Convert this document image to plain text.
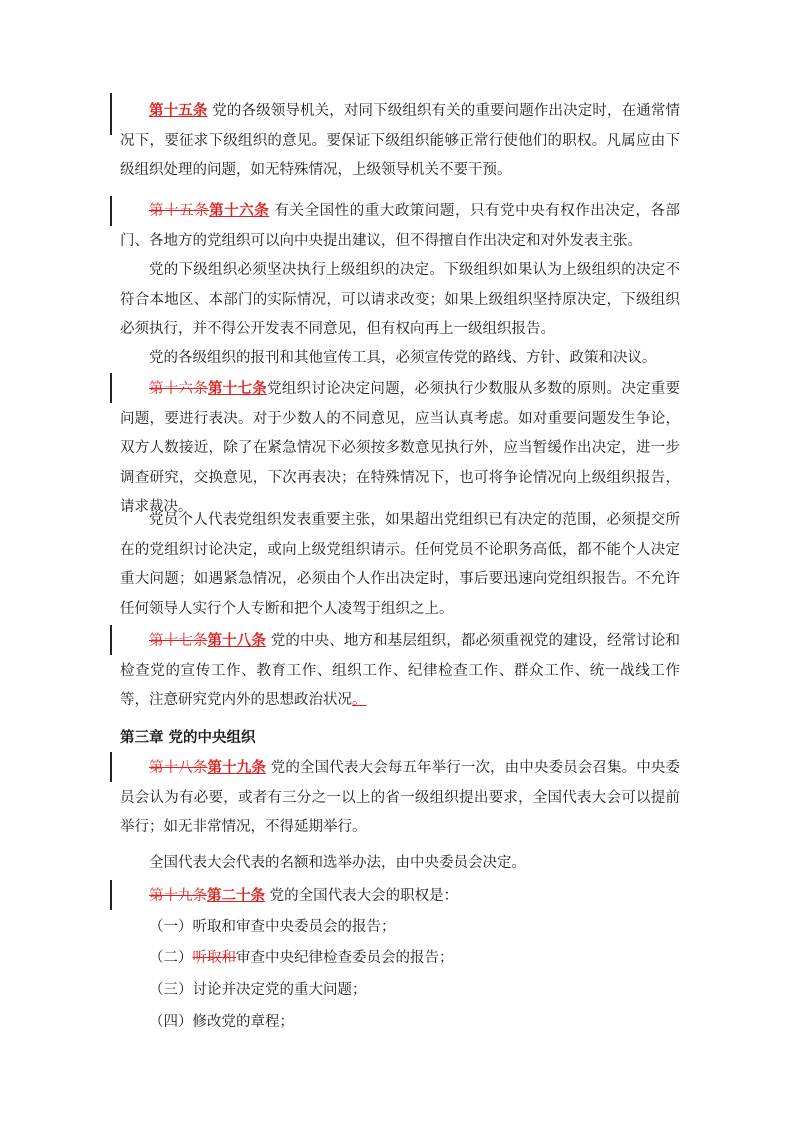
第十五条 党的各级领导机关，对同下级组织有关的重要问题作出决定时，在通常情况下，要征求下级组织的意见。要保证下级组织能够正常行使他们的职权。凡属应由下级组织处理的问题，如无特殊情况，上级领导机关不要干预。

第十五条第十六条 有关全国性的重大政策问题，只有党中央有权作出决定，各部门、各地方的党组织可以向中央提出建议，但不得擅自作出决定和对外发表主张。

党的下级组织必须坚决执行上级组织的决定。下级组织如果认为上级组织的决定不符合本地区、本部门的实际情况，可以请求改变；如果上级组织坚持原决定，下级组织必须执行，并不得公开发表不同意见，但有权向再上一级组织报告。

党的各级组织的报刊和其他宣传工具，必须宣传党的路线、方针、政策和决议。

第十六条第十七条党组织讨论决定问题，必须执行少数服从多数的原则。决定重要问题，要进行表决。对于少数人的不同意见，应当认真考虑。如对重要问题发生争论，双方人数接近，除了在紧急情况下必须按多数意见执行外，应当暂缓作出决定，进一步调查研究，交换意见，下次再表决；在特殊情况下，也可将争论情况向上级组织报告，请求裁决。

党员个人代表党组织发表重要主张，如果超出党组织已有决定的范围，必须提交所在的党组织讨论决定，或向上级党组织请示。任何党员不论职务高低，都不能个人决定重大问题；如遇紧急情况，必须由个人作出决定时，事后要迅速向党组织报告。不允许任何领导人实行个人专断和把个人凌驾于组织之上。

第十七条第十八条 党的中央、地方和基层组织，都必须重视党的建设，经常讨论和检查党的宣传工作、教育工作、组织工作、纪律检查工作、群众工作、统一战线工作等，注意研究党内外的思想政治状况。

第三章 党的中央组织

第十八条第十九条 党的全国代表大会每五年举行一次，由中央委员会召集。中央委员会认为有必要，或者有三分之一以上的省一级组织提出要求，全国代表大会可以提前举行；如无非常情况，不得延期举行。

全国代表大会代表的名额和选举办法，由中央委员会决定。

第十九条第二十条 党的全国代表大会的职权是：

（一）听取和审查中央委员会的报告；

（二）听取和审查中央纪律检查委员会的报告；

（三）讨论并决定党的重大问题；

（四）修改党的章程；
